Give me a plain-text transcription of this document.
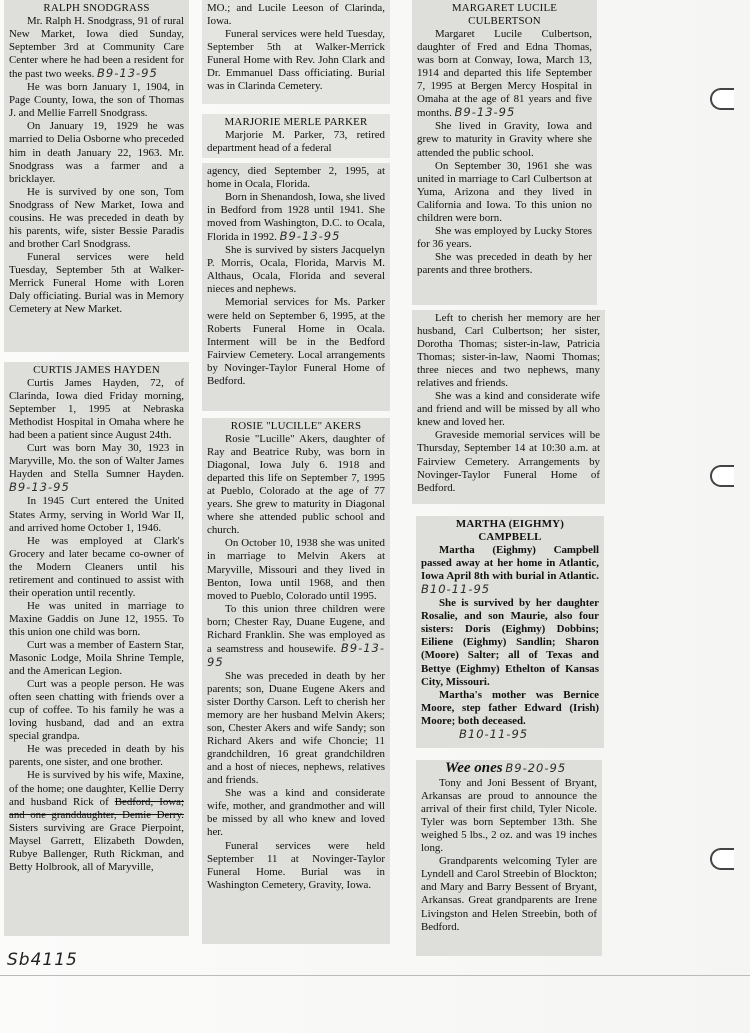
RALPH SNODGRASS

Mr. Ralph H. Snodgrass, 91 of rural New Market, Iowa died Sunday, September 3rd at Community Care Center where he had been a resident for the past two weeks. B9-13-95

He was born January 1, 1904, in Page County, Iowa, the son of Thomas J. and Mellie Farrell Snodgrass.

On January 19, 1929 he was married to Delia Osborne who preceded him in death January 22, 1963. Mr. Snodgrass was a farmer and a bricklayer.

He is survived by one son, Tom Snodgrass of New Market, Iowa and cousins. He was preceded in death by his parents, wife, sister Bessie Paradis and brother Carl Snodgrass.

Funeral services were held Tuesday, September 5th at Walker-Merrick Funeral Home with Loren Daly officiating. Burial was in Memory Cemetery at New Market.

CURTIS JAMES HAYDEN

Curtis James Hayden, 72, of Clarinda, Iowa died Friday morning, September 1, 1995 at Nebraska Methodist Hospital in Omaha where he had been a patient since August 24th.

Curt was born May 30, 1923 in Maryville, Mo. the son of Walter James Hayden and Stella Sumner Hayden. B9-13-95

In 1945 Curt entered the United States Army, serving in World War II, and arrived home October 1, 1946.

He was employed at Clark's Grocery and later became co-owner of the Modern Cleaners until his retirement and continued to assist with their operation until recently.

He was united in marriage to Maxine Gaddis on June 12, 1955. To this union one child was born.

Curt was a member of Eastern Star, Masonic Lodge, Moila Shrine Temple, and the American Legion.

Curt was a people person. He was often seen chatting with friends over a cup of coffee. To his family he was a loving husband, dad and an extra special grandpa.

He was preceded in death by his parents, one sister, and one brother.

He is survived by his wife, Maxine, of the home; one daughter, Kellie Derry and husband Rick of Bedford, Iowa; and one granddaughter, Demie Derry. Sisters surviving are Grace Pierpoint, Maysel Garrett, Elizabeth Dowden, Rubye Ballenger, Ruth Rickman, and Betty Holbrook, all of Maryville,

MO.; and Lucile Leeson of Clarinda, Iowa.

Funeral services were held Tuesday, September 5th at Walker-Merrick Funeral Home with Rev. John Clark and Dr. Emmanuel Dass officiating. Burial was in Clarinda Cemetery.

MARJORIE MERLE PARKER

Marjorie M. Parker, 73, retired department head of a federal

agency, died September 2, 1995, at home in Ocala, Florida.

Born in Shenandosh, Iowa, she lived in Bedford from 1928 until 1941. She moved from Washington, D.C. to Ocala, Florida in 1992. B9-13-95

She is survived by sisters Jacquelyn P. Morris, Ocala, Florida, Marvis M. Althaus, Ocala, Florida and several nieces and nephews.

Memorial services for Ms. Parker were held on September 6, 1995, at the Roberts Funeral Home in Ocala. Interment will be in the Bedford Fairview Cemetery. Local arrangements by Novinger-Taylor Funeral Home of Bedford.

ROSIE "LUCILLE" AKERS

Rosie "Lucille" Akers, daughter of Ray and Beatrice Ruby, was born in Diagonal, Iowa July 6. 1918 and departed this life on September 7, 1995 at Pueblo, Colorado at the age of 77 years. She grew to maturity in Diagonal where she attended public school and church.

On October 10, 1938 she was united in marriage to Melvin Akers at Maryville, Missouri and they lived in Benton, Iowa until 1968, and then moved to Pueblo, Colorado until 1995.

To this union three children were born; Chester Ray, Duane Eugene, and Richard Franklin. She was employed as a seamstress and housewife. B9-13-95

She was preceded in death by her parents; son, Duane Eugene Akers and sister Dorthy Carson. Left to cherish her memory are her husband Melvin Akers; son, Chester Akers and wife Sandy; son Richard Akers and wife Choncie; 11 grandchildren, 16 great grandchildren and a host of nieces, nephews, relatives and friends.

She was a kind and considerate wife, mother, and grandmother and will be missed by all who knew and loved her.

Funeral services were held September 11 at Novinger-Taylor Funeral Home. Burial was in Washington Cemetery, Gravity, Iowa.

MARGARET LUCILE
CULBERTSON

Margaret Lucile Culbertson, daughter of Fred and Edna Thomas, was born at Conway, Iowa, March 13, 1914 and departed this life September 7, 1995 at Bergen Mercy Hospital in Omaha at the age of 81 years and five months. B9-13-95

She lived in Gravity, Iowa and grew to maturity in Gravity where she attended the public school.

On September 30, 1961 she was united in marriage to Carl Culbertson at Yuma, Arizona and they lived in California and Iowa. To this union no children were born.

She was employed by Lucky Stores for 36 years.

She was preceded in death by her parents and three brothers.

Left to cherish her memory are her husband, Carl Culbertson; her sister, Dorotha Thomas; sister-in-law, Patricia Thomas; sister-in-law, Naomi Thomas; three nieces and two nephews, many relatives and friends.

She was a kind and considerate wife and friend and will be missed by all who knew and loved her.

Graveside memorial services will be Thursday, September 14 at 10:30 a.m. at Fairview Cemetery. Arrangements by Novinger-Taylor Funeral Home of Bedford.

MARTHA (EIGHMY)
CAMPBELL

Martha (Eighmy) Campbell passed away at her home in Atlantic, Iowa April 8th with burial in Atlantic. B10-11-95

She is survived by her daughter Rosalie, and son Maurie, also four sisters: Doris (Eighmy) Dobbins; Eiliene (Eighmy) Sandlin; Sharon (Moore) Salter; all of Texas and Bettye (Eighmy) Ethelton of Kansas City, Missouri.

Martha's mother was Bernice Moore, step father Edward (Irish) Moore; both deceased.

B10-11-95

Wee ones B9-20-95

Tony and Joni Bessent of Bryant, Arkansas are proud to announce the arrival of their first child, Tyler Nicole. Tyler was born September 13th. She weighed 5 lbs., 2 oz. and was 19 inches long.

Grandparents welcoming Tyler are Lyndell and Carol Streebin of Blockton; and Mary and Barry Bessent of Bryant, Arkansas. Great grandparents are Irene Livingston and Helen Streebin, both of Bedford.

Sb4115
